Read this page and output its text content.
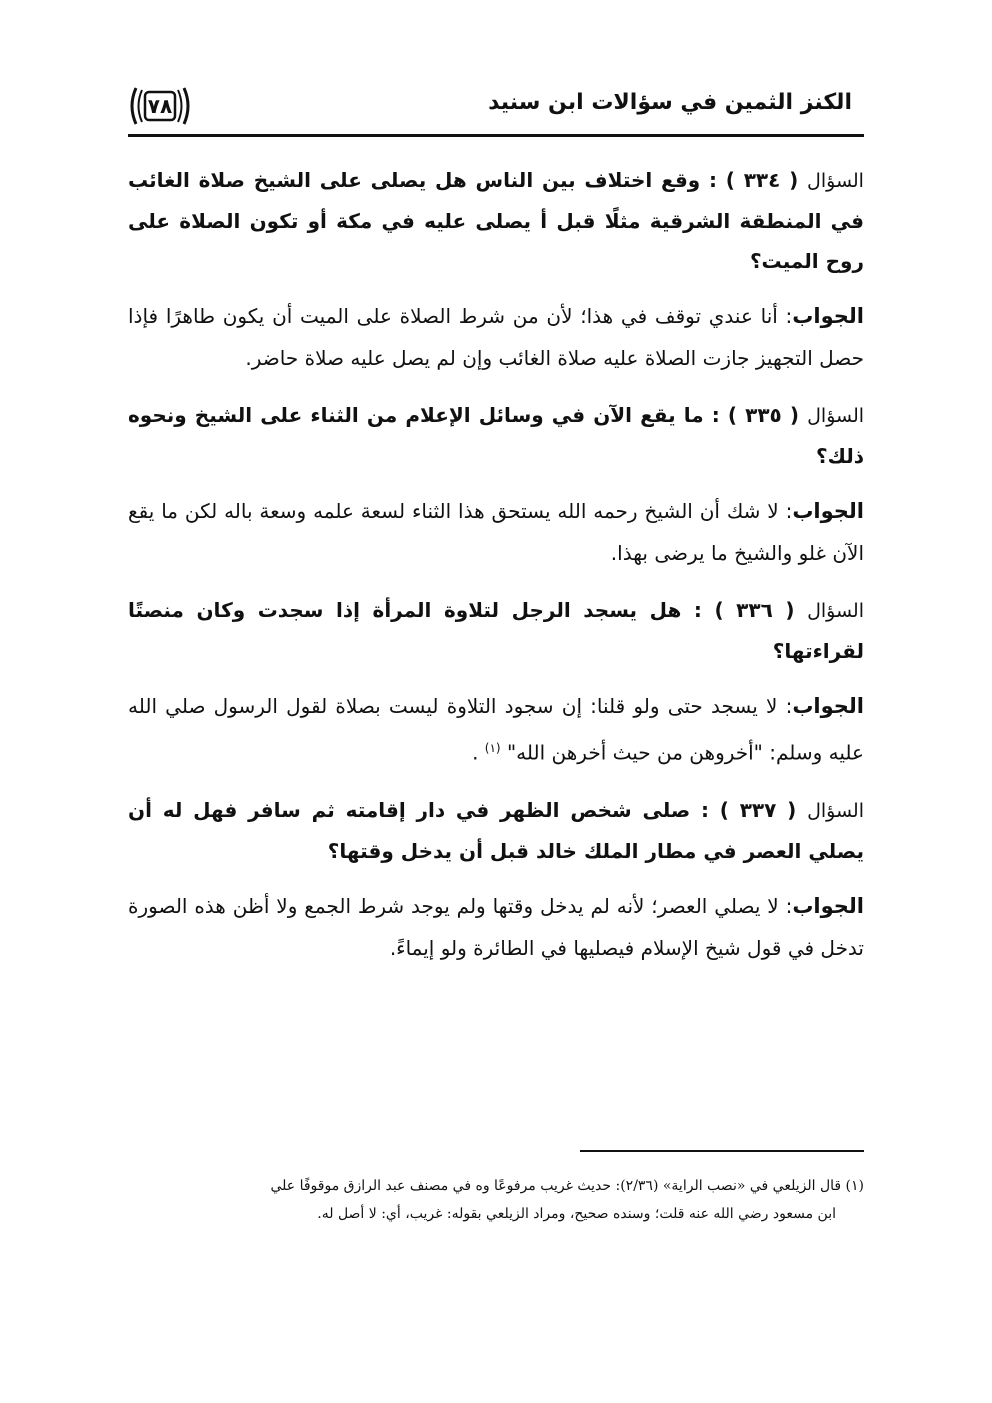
٧٨	الكنز الثمين في سؤالات ابن سنيد

السؤال ( ٣٣٤ ) : وقع اختلاف بين الناس هل يصلى على الشيخ صلاة الغائب في المنطقة الشرقية مثلًا قبل أ يصلى عليه في مكة أو تكون الصلاة على روح الميت؟

الجواب: أنا عندي توقف في هذا؛ لأن من شرط الصلاة على الميت أن يكون طاهرًا فإذا حصل التجهيز جازت الصلاة عليه صلاة الغائب وإن لم يصل عليه صلاة حاضر.

السؤال ( ٣٣٥ ) : ما يقع الآن في وسائل الإعلام من الثناء على الشيخ ونحوه ذلك؟

الجواب: لا شك أن الشيخ رحمه الله يستحق هذا الثناء لسعة علمه وسعة باله لكن ما يقع الآن غلو والشيخ ما يرضى بهذا.

السؤال ( ٣٣٦ ) : هل يسجد الرجل لتلاوة المرأة إذا سجدت وكان منصتًا لقراءتها؟

الجواب: لا يسجد حتى ولو قلنا: إن سجود التلاوة ليست بصلاة لقول الرسول صلي الله عليه وسلم: "أخروهن من حيث أخرهن الله" $^{(١)}$ .

السؤال ( ٣٣٧ ) : صلى شخص الظهر في دار إقامته ثم سافر فهل له أن يصلي العصر في مطار الملك خالد قبل أن يدخل وقتها؟

الجواب: لا يصلي العصر؛ لأنه لم يدخل وقتها ولم يوجد شرط الجمع ولا أظن هذه الصورة تدخل في قول شيخ الإسلام فيصليها في الطائرة ولو إيماءً.

(١) قال الزيلعي في «نصب الراية» (٢/٣٦): حديث غريب مرفوعًا وه في مصنف عبد الرازق موقوفًا علي

ابن مسعود رضي الله عنه قلت؛ وسنده صحيح، ومراد الزيلعي بقوله: غريب، أي: لا أصل له.
